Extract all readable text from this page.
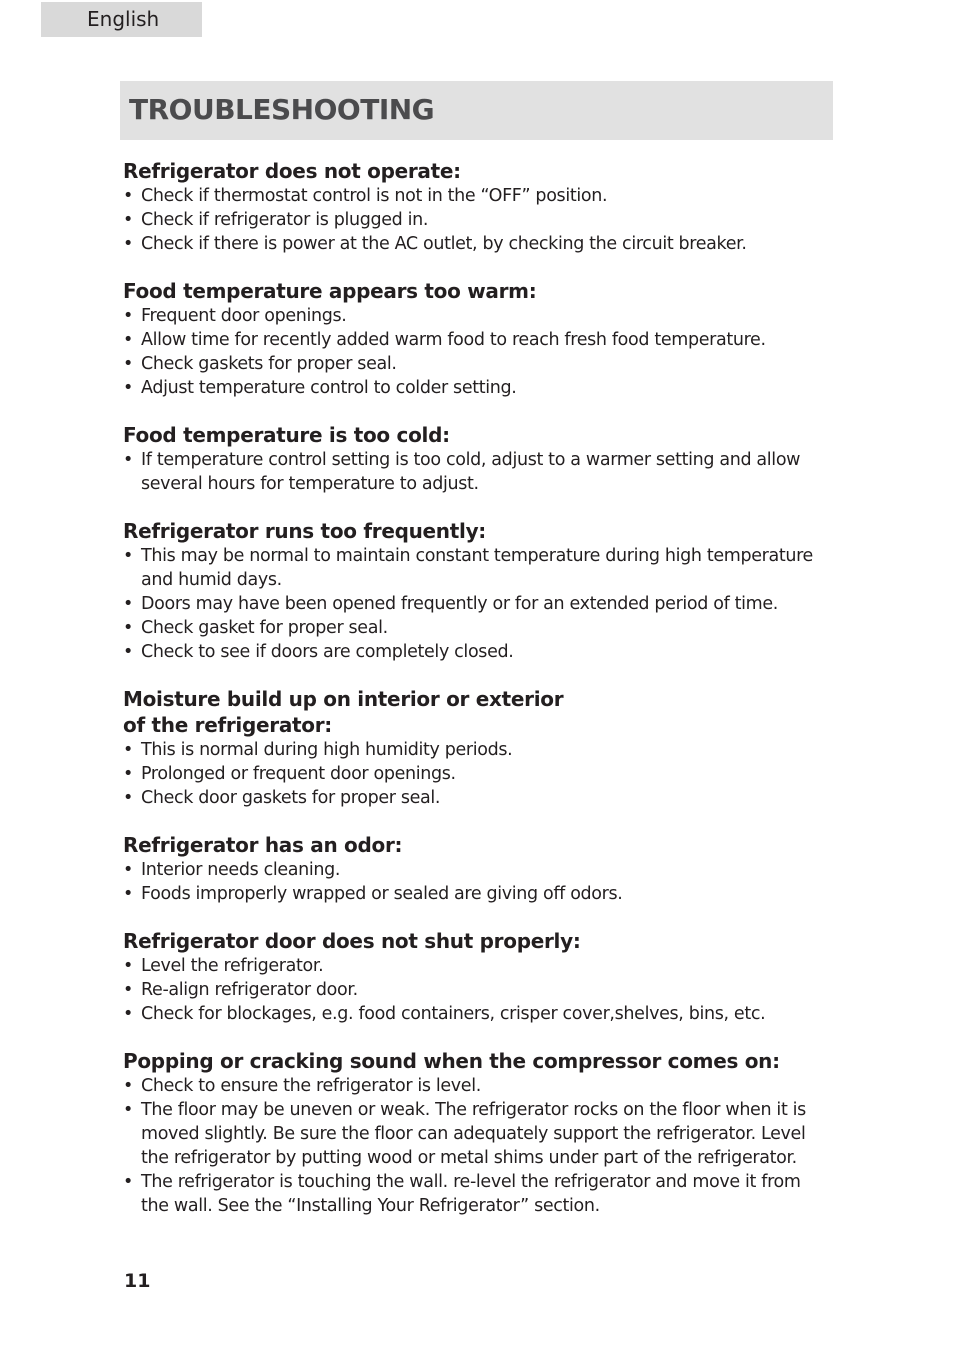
English
TROUBLESHOOTING
Refrigerator does not operate:
• Check if thermostat control is not in the “OFF” position.
• Check if refrigerator is plugged in.
• Check if there is power at the AC outlet, by checking the circuit breaker.
Food temperature appears too warm:
• Frequent door openings.
• Allow time for recently added warm food to reach fresh food temperature.
• Check gaskets for proper seal.
• Adjust temperature control to colder setting.
Food temperature is too cold:
• If temperature control setting is too cold, adjust to a warmer setting and allow several hours for temperature to adjust.
Refrigerator runs too frequently:
• This may be normal to maintain constant temperature during high temperature and humid days.
• Doors may have been opened frequently or for an extended period of time.
• Check gasket for proper seal.
• Check to see if doors are completely closed.
Moisture build up on interior or exterior
of the refrigerator:
• This is normal during high humidity periods.
• Prolonged or frequent door openings.
• Check door gaskets for proper seal.
Refrigerator has an odor:
• Interior needs cleaning.
• Foods improperly wrapped or sealed are giving off odors.
Refrigerator door does not shut properly:
• Level the refrigerator.
• Re-align refrigerator door.
• Check for blockages, e.g. food containers, crisper cover,shelves, bins, etc.
Popping or cracking sound when the compressor comes on:
• Check to ensure the refrigerator is level.
• The floor may be uneven or weak. The refrigerator rocks on the floor when it is moved slightly. Be sure the floor can adequately support the refrigerator. Level the refrigerator by putting wood or metal shims under part of the refrigerator.
• The refrigerator is touching the wall. re-level the refrigerator and move it from the wall. See the “Installing Your Refrigerator” section.
11
